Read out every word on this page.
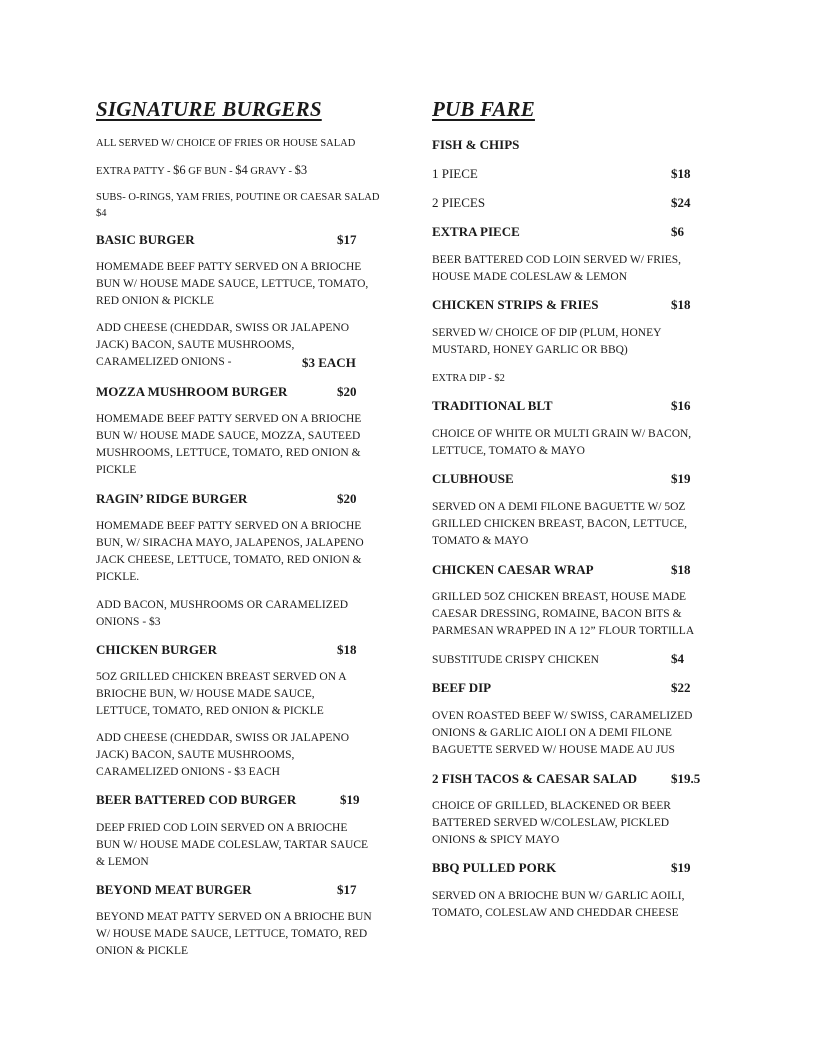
SIGNATURE BURGERS
ALL SERVED W/ CHOICE OF FRIES OR HOUSE SALAD
EXTRA PATTY - $6 GF BUN - $4 GRAVY - $3
SUBS- O-RINGS, YAM FRIES, POUTINE OR CAESAR SALAD
$4
BASIC BURGER	$17
HOMEMADE BEEF PATTY SERVED ON A BRIOCHE
BUN W/ HOUSE MADE SAUCE, LETTUCE, TOMATO,
RED ONION & PICKLE
ADD CHEESE (CHEDDAR, SWISS OR JALAPENO
JACK) BACON, SAUTE MUSHROOMS,
CARAMELIZED ONIONS -	$3 EACH
MOZZA MUSHROOM BURGER	$20
HOMEMADE BEEF PATTY SERVED ON A BRIOCHE
BUN W/ HOUSE MADE SAUCE, MOZZA, SAUTEED
MUSHROOMS, LETTUCE, TOMATO, RED ONION &
PICKLE
RAGIN’ RIDGE BURGER	$20
HOMEMADE BEEF PATTY SERVED ON A BRIOCHE
BUN, W/ SIRACHA MAYO, JALAPENOS, JALAPENO
JACK CHEESE, LETTUCE, TOMATO, RED ONION &
PICKLE.
ADD BACON, MUSHROOMS OR CARAMELIZED
ONIONS - $3
CHICKEN BURGER	$18
5OZ GRILLED CHICKEN BREAST SERVED ON A
BRIOCHE BUN, W/ HOUSE MADE SAUCE,
LETTUCE, TOMATO, RED ONION & PICKLE
ADD CHEESE (CHEDDAR, SWISS OR JALAPENO
JACK) BACON, SAUTE MUSHROOMS,
CARAMELIZED ONIONS - $3 EACH
BEER BATTERED COD BURGER	$19
DEEP FRIED COD LOIN SERVED ON A BRIOCHE
BUN W/ HOUSE MADE COLESLAW, TARTAR SAUCE
& LEMON
BEYOND MEAT BURGER	$17
BEYOND MEAT PATTY SERVED ON A BRIOCHE BUN
W/ HOUSE MADE SAUCE, LETTUCE, TOMATO, RED
ONION & PICKLE
PUB FARE
FISH & CHIPS
1 PIECE	$18
2 PIECES	$24
EXTRA PIECE	$6
BEER BATTERED COD LOIN SERVED W/ FRIES,
HOUSE MADE COLESLAW & LEMON
CHICKEN STRIPS & FRIES	$18
SERVED W/ CHOICE OF DIP (PLUM, HONEY
MUSTARD, HONEY GARLIC OR BBQ)
EXTRA DIP - $2
TRADITIONAL BLT	$16
CHOICE OF WHITE OR MULTI GRAIN W/ BACON,
LETTUCE, TOMATO & MAYO
CLUBHOUSE	$19
SERVED ON A DEMI FILONE BAGUETTE W/ 5OZ
GRILLED CHICKEN BREAST, BACON, LETTUCE,
TOMATO & MAYO
CHICKEN CAESAR WRAP	$18
GRILLED 5OZ CHICKEN BREAST, HOUSE MADE
CAESAR DRESSING, ROMAINE, BACON BITS &
PARMESAN WRAPPED IN A 12” FLOUR TORTILLA
SUBSTITUDE CRISPY CHICKEN	$4
BEEF DIP	$22
OVEN ROASTED BEEF W/ SWISS, CARAMELIZED
ONIONS & GARLIC AIOLI ON A DEMI FILONE
BAGUETTE SERVED W/ HOUSE MADE AU JUS
2 FISH TACOS & CAESAR SALAD	$19.5
CHOICE OF GRILLED, BLACKENED OR BEER
BATTERED SERVED W/COLESLAW, PICKLED
ONIONS & SPICY MAYO
BBQ PULLED PORK	$19
SERVED ON A BRIOCHE BUN W/ GARLIC AOILI,
TOMATO, COLESLAW AND CHEDDAR CHEESE
